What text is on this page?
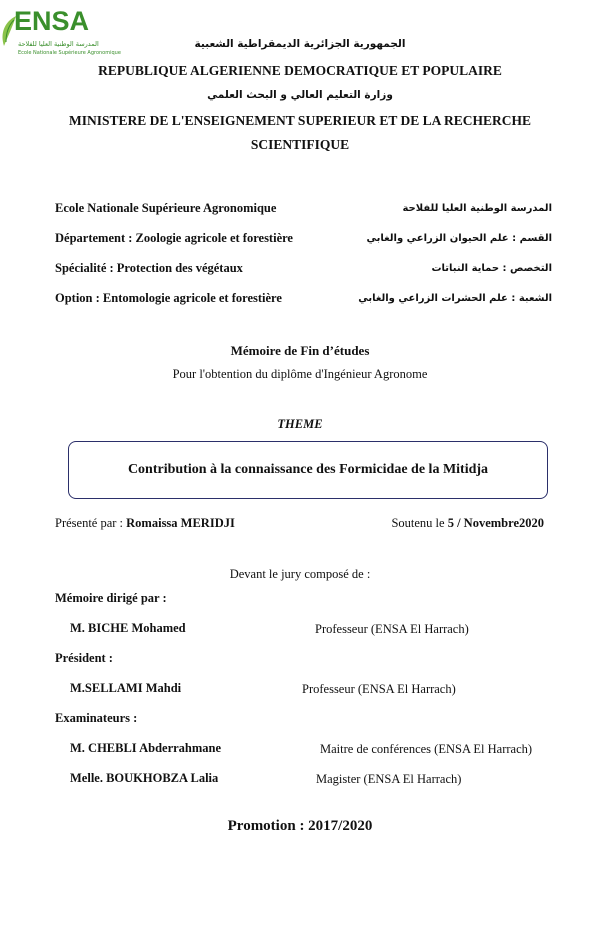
ENSA
المدرسة الوطنية العليا للفلاحة
Ecole Nationale Supérieure Agronomique
الجمهورية الجزائرية الديمقراطية الشعبية
REPUBLIQUE ALGERIENNE DEMOCRATIQUE ET POPULAIRE
وزارة التعليم العالي و البحث العلمي
MINISTERE DE L'ENSEIGNEMENT SUPERIEUR ET DE LA RECHERCHE
SCIENTIFIQUE
Ecole Nationale Supérieure Agronomique	المدرسة الوطنية العليا للفلاحة
Département : Zoologie agricole et forestière	القسم : علم الحيوان الزراعي والغابي
Spécialité : Protection des végétaux	التخصص : حماية النباتات
Option : Entomologie agricole et forestière	الشعبة : علم الحشرات الزراعي والغابي
Mémoire de Fin d’études
Pour l'obtention du diplôme d'Ingénieur Agronome
THEME
Contribution à la connaissance des Formicidae de la Mitidja
Présenté par : Romaissa MERIDJI	Soutenu le 5 / Novembre2020
Devant le jury composé de :
Mémoire dirigé par :
M. BICHE Mohamed	Professeur (ENSA El Harrach)
Président :
M.SELLAMI Mahdi	Professeur (ENSA El Harrach)
Examinateurs :
M. CHEBLI Abderrahmane	Maitre de conférences (ENSA El Harrach)
Melle. BOUKHOBZA Lalia	Magister (ENSA El Harrach)
Promotion : 2017/2020
